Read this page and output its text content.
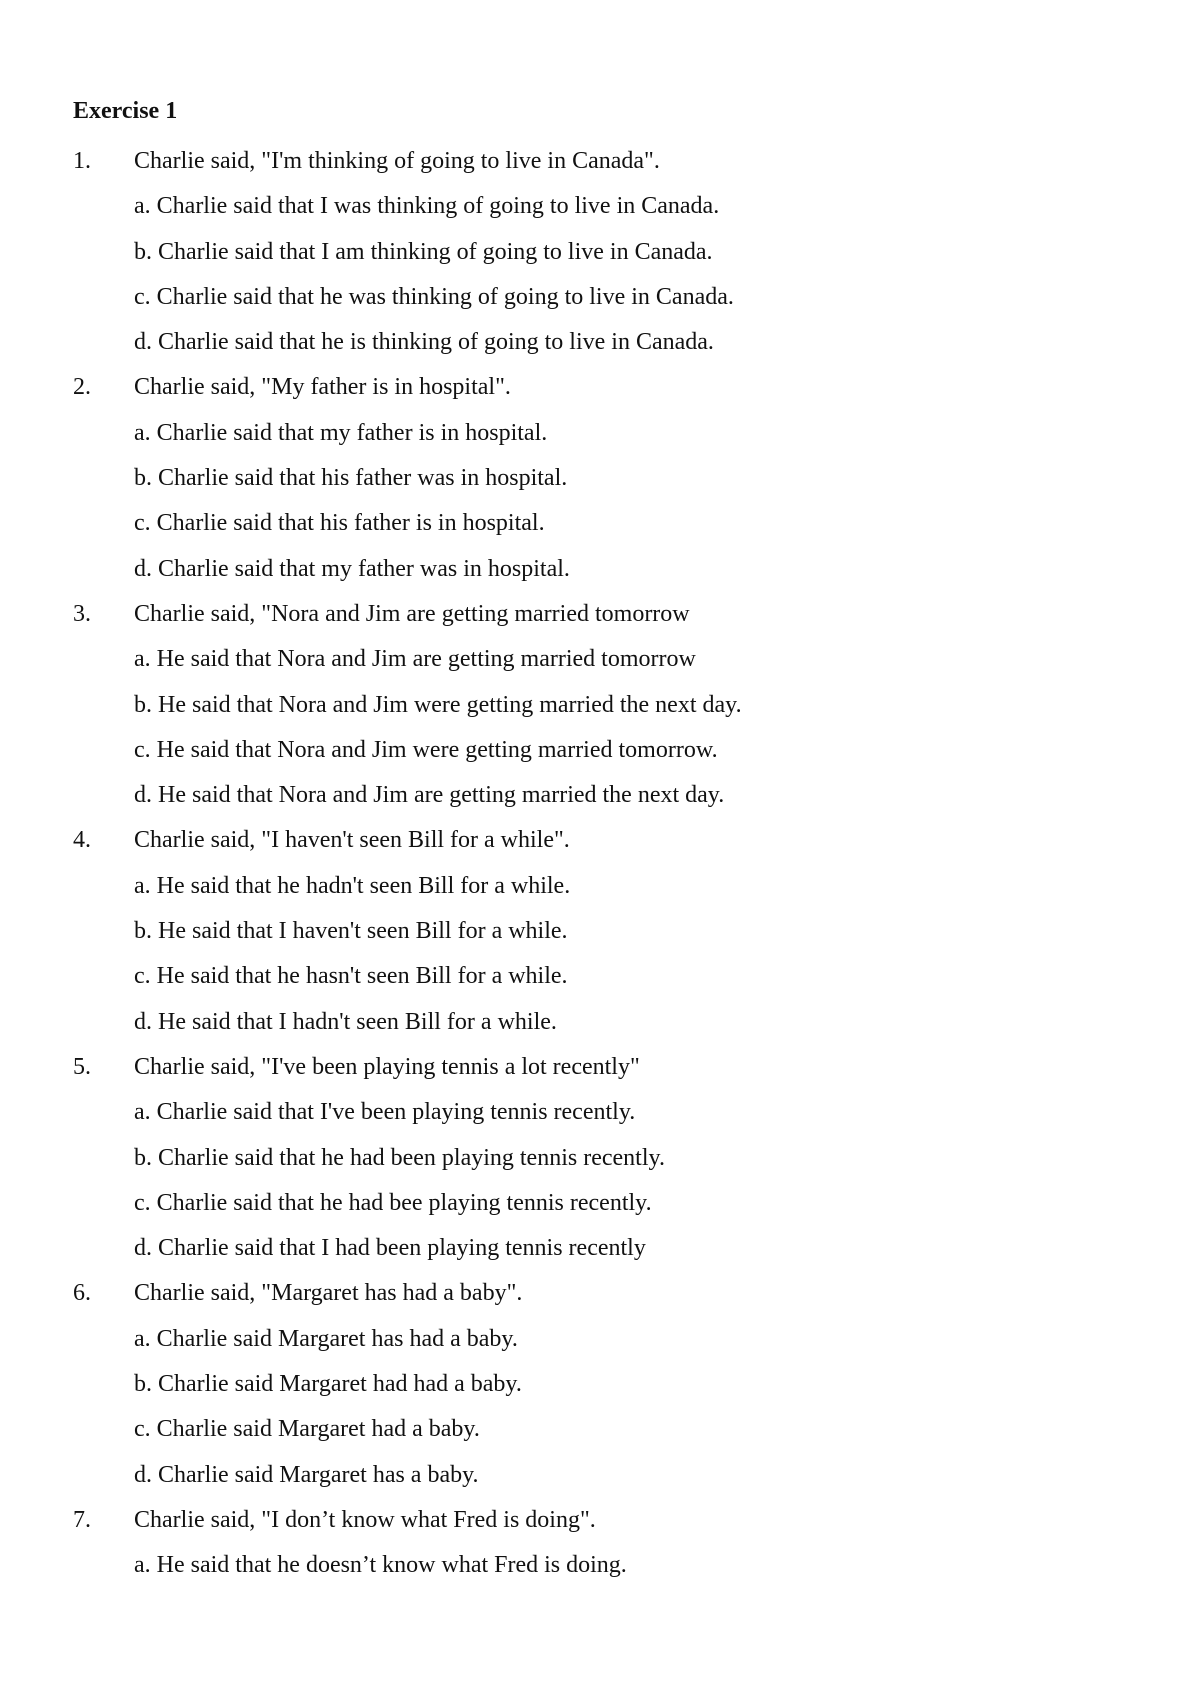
Exercise 1
1. Charlie said, "I'm thinking of going to live in Canada".
a. Charlie said that I was thinking of going to live in Canada.
b. Charlie said that I am thinking of going to live in Canada.
c. Charlie said that he was thinking of going to live in Canada.
d. Charlie said that he is thinking of going to live in Canada.
2. Charlie said, "My father is in hospital".
a. Charlie said that my father is in hospital.
b. Charlie said that his father was in hospital.
c. Charlie said that his father is in hospital.
d. Charlie said that my father was in hospital.
3. Charlie said, "Nora and Jim are getting married tomorrow
a. He said that Nora and Jim are getting married tomorrow
b. He said that Nora and Jim were getting married the next day.
c. He said that Nora and Jim were getting married tomorrow.
d. He said that Nora and Jim are getting married the next day.
4. Charlie said, "I haven't seen Bill for a while".
a. He said that he hadn't seen Bill for a while.
b. He said that I haven't seen Bill for a while.
c. He said that he hasn't seen Bill for a while.
d. He said that I hadn't seen Bill for a while.
5. Charlie said, "I've been playing tennis a lot recently"
a. Charlie said that I've been playing tennis recently.
b. Charlie said that he had been playing tennis recently.
c. Charlie said that he had bee playing tennis recently.
d. Charlie said that I had been playing tennis recently
6. Charlie said, "Margaret has had a baby".
a. Charlie said Margaret has had a baby.
b. Charlie said Margaret had had a baby.
c. Charlie said Margaret had a baby.
d. Charlie said Margaret has a baby.
7. Charlie said, "I don’t know what Fred is doing".
a. He said that he doesn’t know what Fred is doing.
